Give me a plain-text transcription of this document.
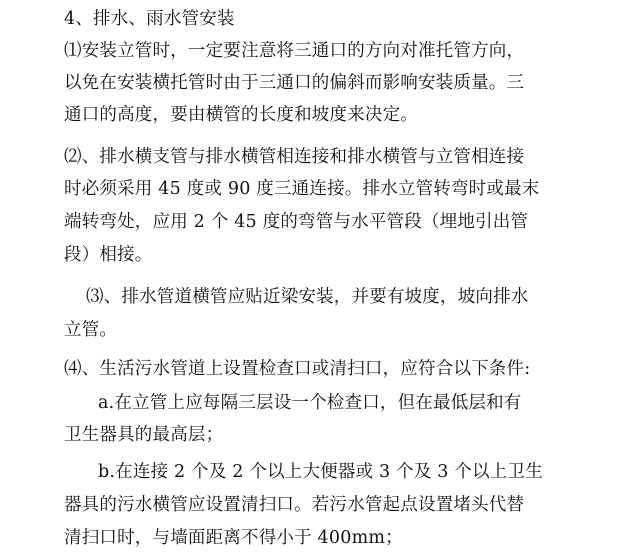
4、排水、雨水管安装
⑴安装立管时，一定要注意将三通口的方向对准托管方向，
以免在安装横托管时由于三通口的偏斜而影响安装质量。三
通口的高度，要由横管的长度和坡度来决定。
⑵、排水横支管与排水横管相连接和排水横管与立管相连接
时必须采用 45 度或 90 度三通连接。排水立管转弯时或最末
端转弯处，应用 2 个 45 度的弯管与水平管段（埋地引出管
段）相接。
⑶、排水管道横管应贴近梁安装，并要有坡度，坡向排水
立管。
⑷、生活污水管道上设置检查口或清扫口，应符合以下条件:
a.在立管上应每隔三层设一个检查口，但在最低层和有
卫生器具的最高层；
b.在连接 2 个及 2 个以上大便器或 3 个及 3 个以上卫生
器具的污水横管应设置清扫口。若污水管起点设置堵头代替
清扫口时，与墙面距离不得小于 400mm；
